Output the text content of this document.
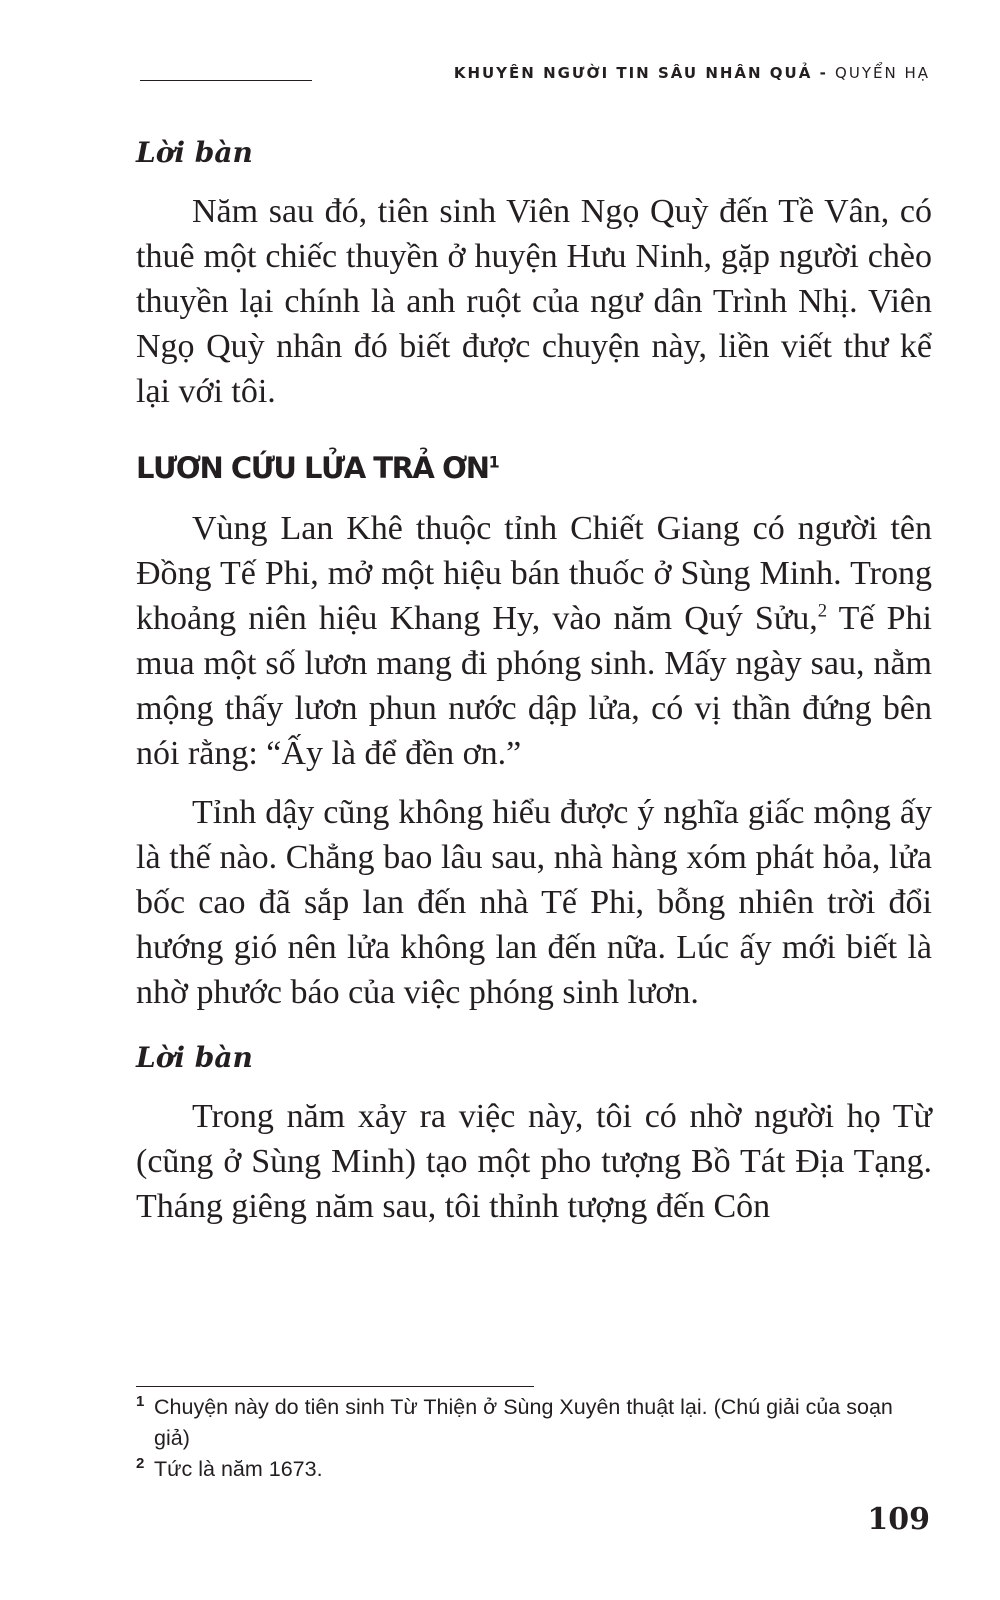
KHUYÊN NGƯỜI TIN SÂU NHÂN QUẢ - QUYỂN HẠ
Lời bàn

Năm sau đó, tiên sinh Viên Ngọ Quỳ đến Tề Vân, có thuê một chiếc thuyền ở huyện Hưu Ninh, gặp người chèo thuyền lại chính là anh ruột của ngư dân Trình Nhị. Viên Ngọ Quỳ nhân đó biết được chuyện này, liền viết thư kể lại với tôi.

LƯƠN CỨU LỬA TRẢ $ƠN^1$

Vùng Lan Khê thuộc tỉnh Chiết Giang có người tên Đồng Tế Phi, mở một hiệu bán thuốc ở Sùng Minh. Trong khoảng niên hiệu Khang Hy, vào năm Quý Sửu,$^2$ Tế Phi mua một số lươn mang đi phóng sinh. Mấy ngày sau, nằm mộng thấy lươn phun nước dập lửa, có vị thần đứng bên nói rằng: “Ấy là để đền ơn.”

Tỉnh dậy cũng không hiểu được ý nghĩa giấc mộng ấy là thế nào. Chẳng bao lâu sau, nhà hàng xóm phát hỏa, lửa bốc cao đã sắp lan đến nhà Tế Phi, bỗng nhiên trời đổi hướng gió nên lửa không lan đến nữa. Lúc ấy mới biết là nhờ phước báo của việc phóng sinh lươn.

Lời bàn

Trong năm xảy ra việc này, tôi có nhờ người họ Từ (cũng ở Sùng Minh) tạo một pho tượng Bồ Tát Địa Tạng. Tháng giêng năm sau, tôi thỉnh tượng đến Côn

1 Chuyện này do tiên sinh Từ Thiện ở Sùng Xuyên thuật lại. (Chú giải của soạn giả)

2 Tức là năm 1673.

109
